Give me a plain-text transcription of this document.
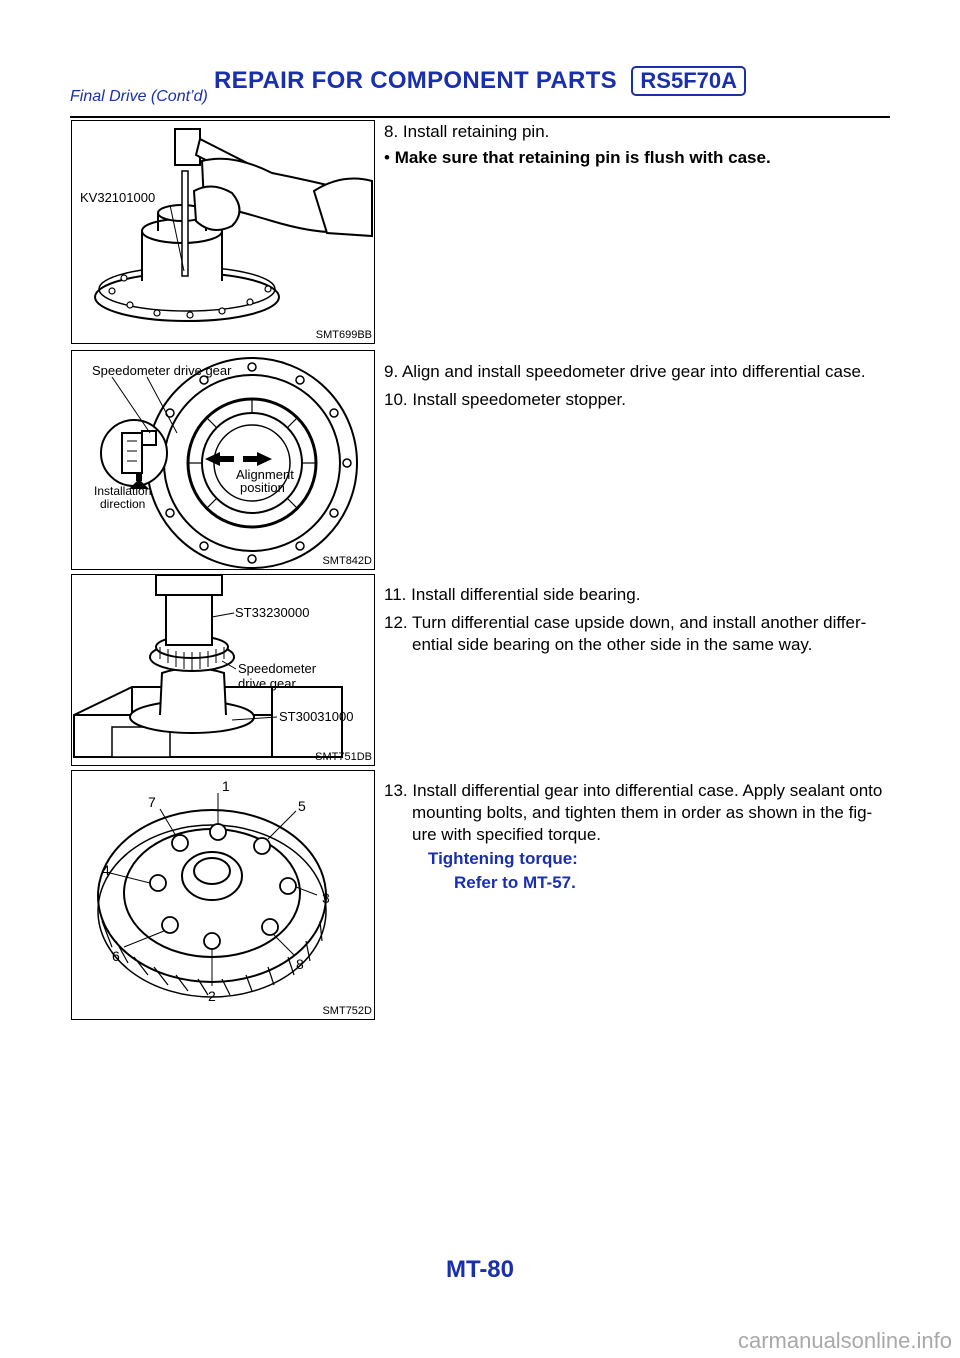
REPAIR FOR COMPONENT PARTS RS5F70A
Final Drive (Cont’d)
KV32101000
SMT699BB
Speedometer drive gear
Installation
direction
Alignment
position
SMT842D
ST33230000
Speedometer
drive gear
ST30031000
SMT751DB
1
2
3
4
5
6
7
8
SMT752D
8. Install retaining pin.
• Make sure that retaining pin is flush with case.
9. Align and install speedometer drive gear into differential case.
10. Install speedometer stopper.
11. Install differential side bearing.
12. Turn differential case upside down, and install another differ- ential side bearing on the other side in the same way.
13. Install differential gear into differential case. Apply sealant onto mounting bolts, and tighten them in order as shown in the fig- ure with specified torque.
Tightening torque:
Refer to MT-57.
MT-80
carmanualsonline.info
